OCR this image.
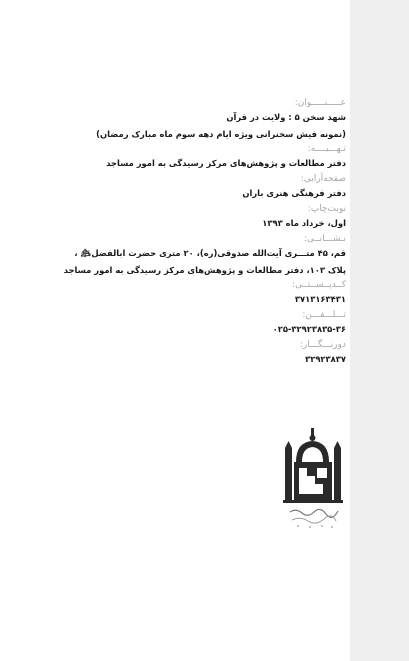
عـــــنـــــوان:
شهد سخن ۵ : ولایت در قرآن
(نمونه فیش سخنرانی ویژه ایام دهه سوم ماه مبارک رمضان)
تـهـــیــــه:
دفتر مطالعات و پژوهش‌های مرکز رسیدگی به امور مساجد
صفحه‌آرایی:
دفتر فرهنگی هنری باران
نوبت‌چاپ:
اول، خرداد ماه ۱۳۹۳
نـشـــانــی:
قم، ۴۵ متـــری آیت‌الله صدوقی(ره)، ۲۰ متری حضرت ابالفضل﵇ ،
پلاک ۱۰۳، دفتر مطالعات و پژوهش‌های مرکز رسیدگی به امور مساجد
کــدپــســتــی:
۳۷۱۳۱۶۳۴۳۱
تـــلـــفـــن:
۰۲۵-۳۲۹۲۳۸۳۵-۳۶
دورنـــگـــار:
۳۲۹۲۳۸۳۷
